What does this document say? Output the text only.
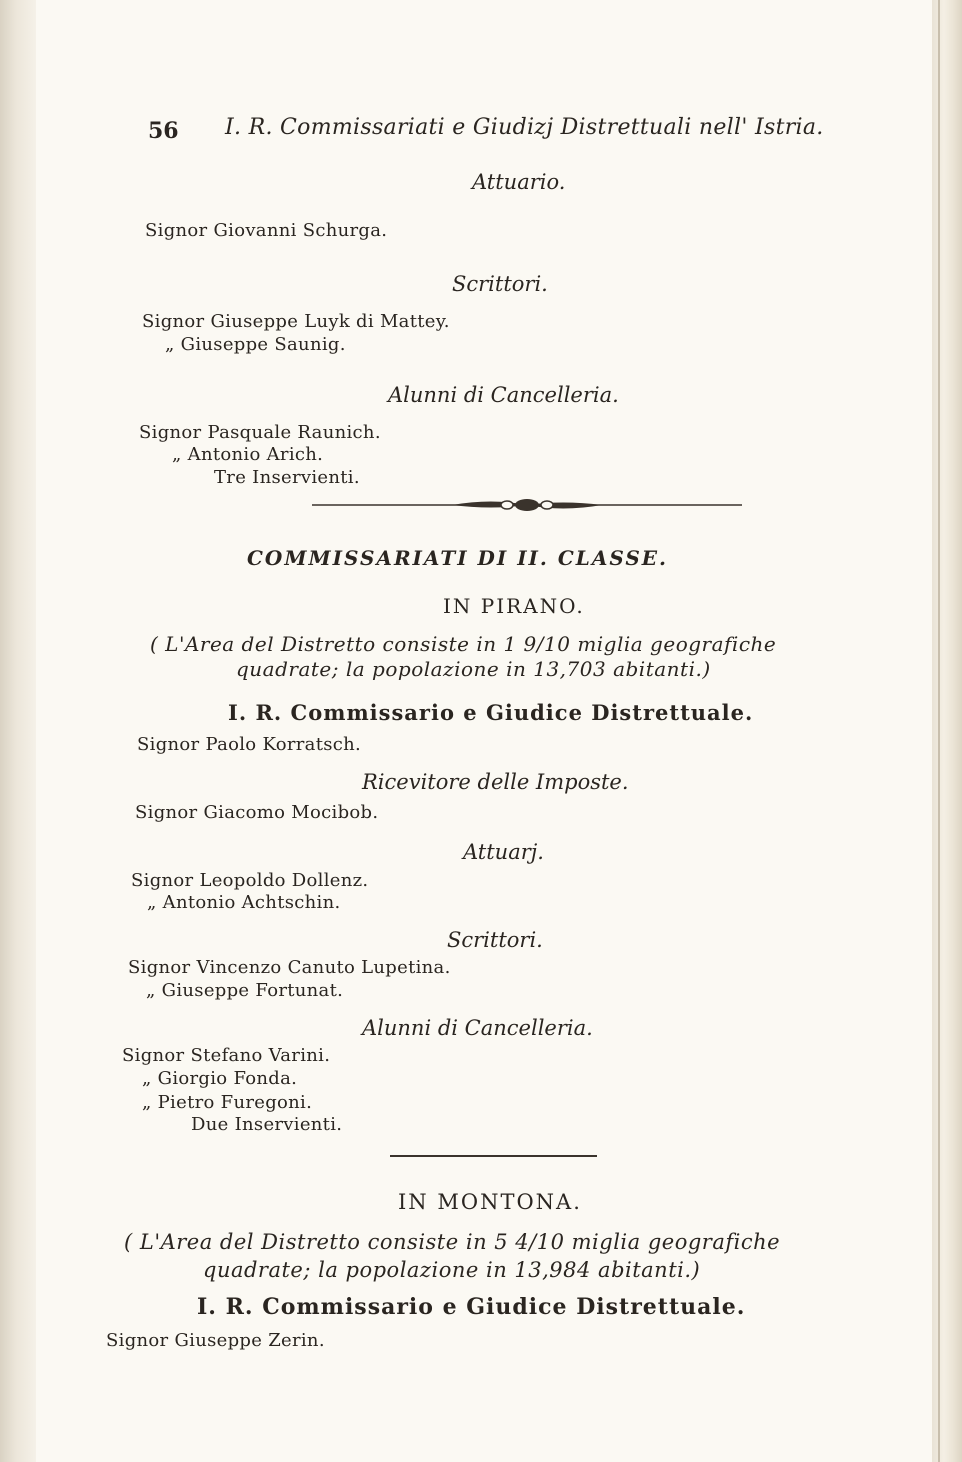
56 I. R. Commissariati e Giudizj Distrettuali nell' Istria.
Attuario.
Signor Giovanni Schurga.
Scrittori.
Signor Giuseppe Luyk di Mattey.
„ Giuseppe Saunig.
Alunni di Cancelleria.
Signor Pasquale Raunich.
„ Antonio Arich.
Tre Inservienti.
COMMISSARIATI DI II. CLASSE.
IN PIRANO.
( L'Area del Distretto consiste in 1 9/10 miglia geografiche
quadrate; la popolazione in 13,703 abitanti.)
I. R. Commissario e Giudice Distrettuale.
Signor Paolo Korratsch.
Ricevitore delle Imposte.
Signor Giacomo Mocibob.
Attuarj.
Signor Leopoldo Dollenz.
„ Antonio Achtschin.
Scrittori.
Signor Vincenzo Canuto Lupetina.
„ Giuseppe Fortunat.
Alunni di Cancelleria.
Signor Stefano Varini.
„ Giorgio Fonda.
„ Pietro Furegoni.
Due Inservienti.
IN MONTONA.
( L'Area del Distretto consiste in 5 4/10 miglia geografiche
quadrate; la popolazione in 13,984 abitanti.)
I. R. Commissario e Giudice Distrettuale.
Signor Giuseppe Zerin.
